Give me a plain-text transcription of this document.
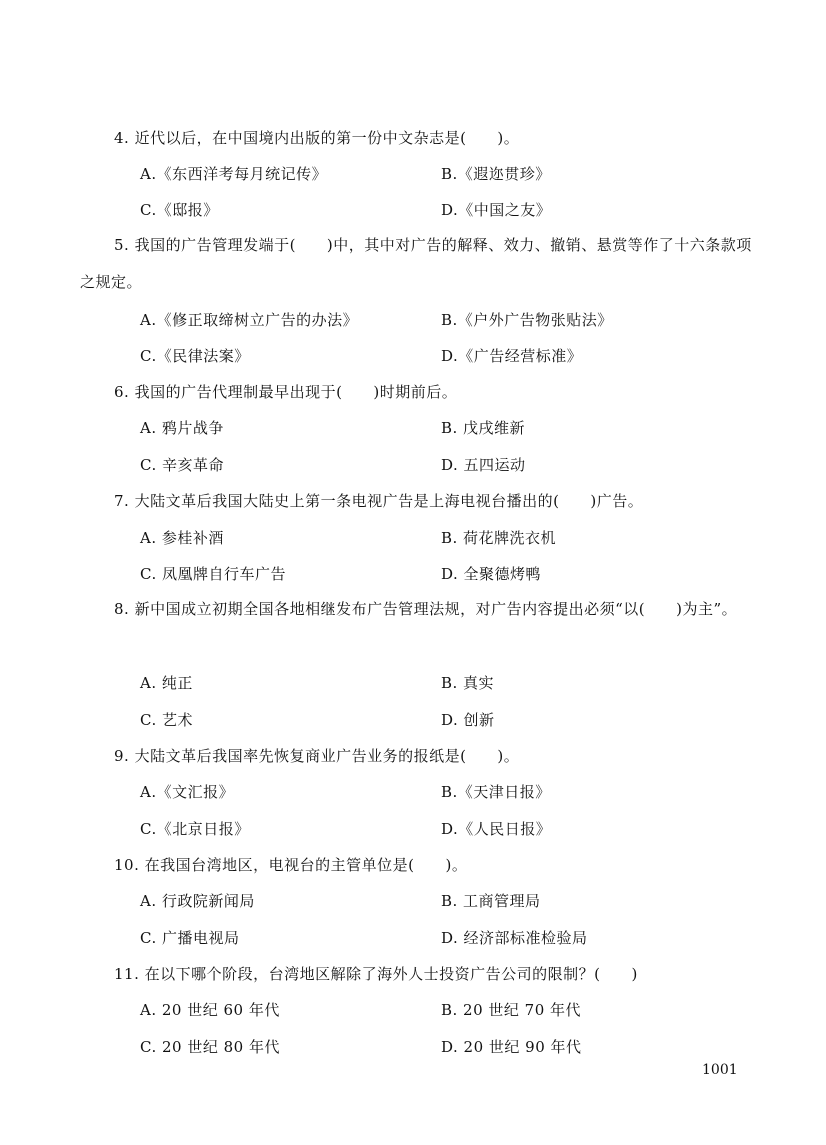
4. 近代以后，在中国境内出版的第一份中文杂志是(　　)。
A.《东西洋考每月统记传》	B.《遐迩贯珍》
C.《邸报》	D.《中国之友》
5. 我国的广告管理发端于(　　)中，其中对广告的解释、效力、撤销、悬赏等作了十六条款项之规定。
A.《修正取缔树立广告的办法》	B.《户外广告物张贴法》
C.《民律法案》	D.《广告经营标准》
6. 我国的广告代理制最早出现于(　　)时期前后。
A. 鸦片战争	B. 戊戌维新
C. 辛亥革命	D. 五四运动
7. 大陆文革后我国大陆史上第一条电视广告是上海电视台播出的(　　)广告。
A. 参桂补酒	B. 荷花牌洗衣机
C. 凤凰牌自行车广告	D. 全聚德烤鸭
8. 新中国成立初期全国各地相继发布广告管理法规，对广告内容提出必须“以(　　)为主”。
A. 纯正	B. 真实
C. 艺术	D. 创新
9. 大陆文革后我国率先恢复商业广告业务的报纸是(　　)。
A.《文汇报》	B.《天津日报》
C.《北京日报》	D.《人民日报》
10. 在我国台湾地区，电视台的主管单位是(　　)。
A. 行政院新闻局	B. 工商管理局
C. 广播电视局	D. 经济部标准检验局
11. 在以下哪个阶段，台湾地区解除了海外人士投资广告公司的限制？(　　)
A. 20 世纪 60 年代	B. 20 世纪 70 年代
C. 20 世纪 80 年代	D. 20 世纪 90 年代
1001
